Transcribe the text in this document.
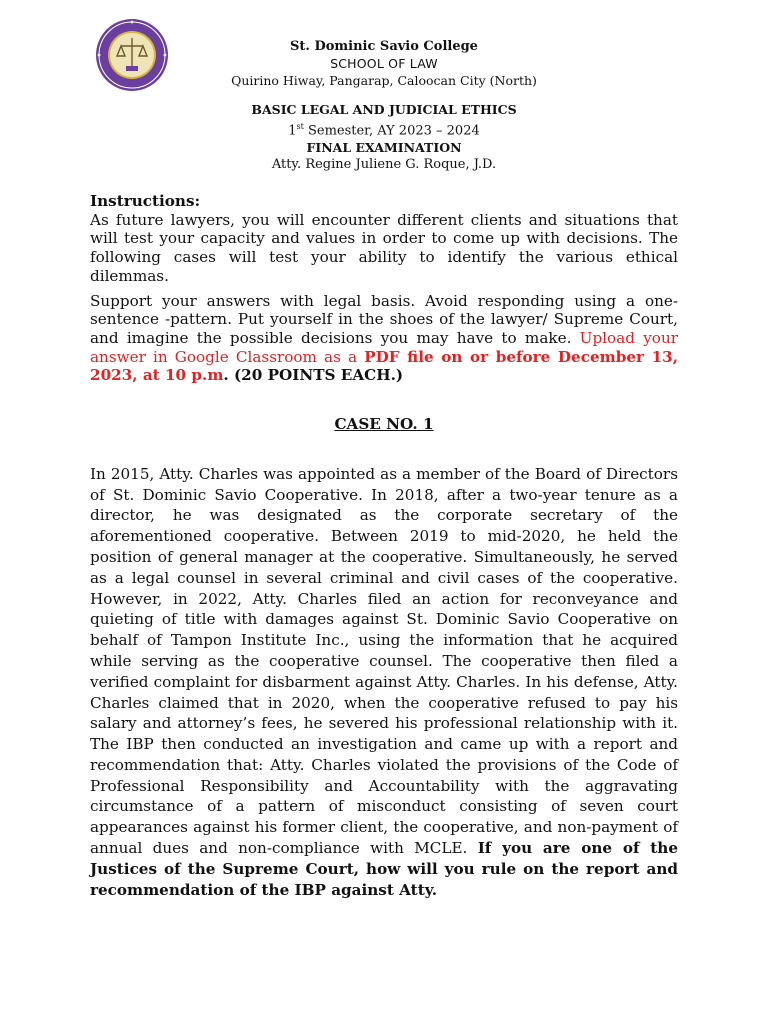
St. Dominic Savio College
SCHOOL OF LAW
Quirino Hiway, Pangarap, Caloocan City (North)
BASIC LEGAL AND JUDICIAL ETHICS
1st Semester, AY 2023 – 2024
FINAL EXAMINATION
Atty. Regine Juliene G. Roque, J.D.

Instructions:

As future lawyers, you will encounter different clients and situations that will test your capacity and values in order to come up with decisions. The following cases will test your ability to identify the various ethical dilemmas.

Support your answers with legal basis. Avoid responding using a one-sentence -pattern. Put yourself in the shoes of the lawyer/ Supreme Court, and imagine the possible decisions you may have to make. Upload your answer in Google Classroom as a PDF file on or before December 13, 2023, at 10 p.m. (20 POINTS EACH.)

CASE NO. 1

In 2015, Atty. Charles was appointed as a member of the Board of Directors of St. Dominic Savio Cooperative. In 2018, after a two-year tenure as a director, he was designated as the corporate secretary of the aforementioned cooperative. Between 2019 to mid-2020, he held the position of general manager at the cooperative. Simultaneously, he served as a legal counsel in several criminal and civil cases of the cooperative. However, in 2022, Atty. Charles filed an action for reconveyance and quieting of title with damages against St. Dominic Savio Cooperative on behalf of Tampon Institute Inc., using the information that he acquired while serving as the cooperative counsel. The cooperative then filed a verified complaint for disbarment against Atty. Charles. In his defense, Atty. Charles claimed that in 2020, when the cooperative refused to pay his salary and attorney’s fees, he severed his professional relationship with it. The IBP then conducted an investigation and came up with a report and recommendation that: Atty. Charles violated the provisions of the Code of Professional Responsibility and Accountability with the aggravating circumstance of a pattern of misconduct consisting of seven court appearances against his former client, the cooperative, and non-payment of annual dues and non-compliance with MCLE. If you are one of the Justices of the Supreme Court, how will you rule on the report and recommendation of the IBP against Atty.
